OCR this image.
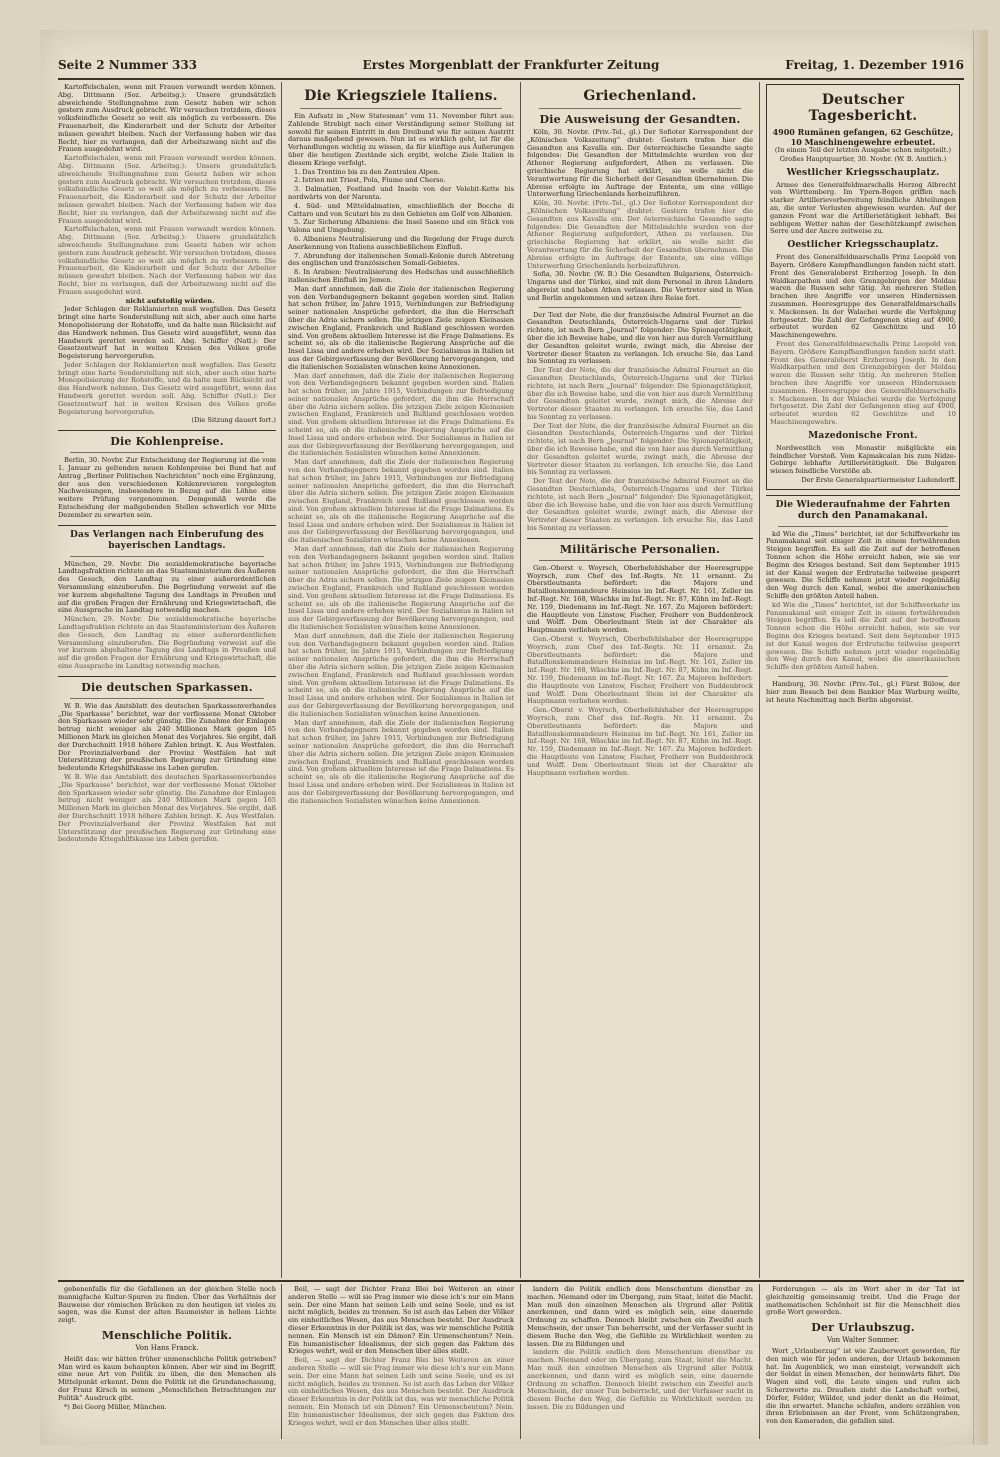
Seite 2 Nummer 333	Erstes Morgenblatt der Frankfurter Zeitung	Freitag, 1. Dezember 1916

Kartoffelschalen, wenn mit Frauen verwandt werden können. Abg. Dittmann (Soz. Arbeitsg.): Unsere grundsätzlich abweichende Stellungnahme zum Gesetz haben wir schon gestern zum Ausdruck gebracht. Wir versuchen trotzdem, dieses volksfeindliche Gesetz so weit als möglich zu verbessern. Die Frauenarbeit, die Kinderarbeit und der Schutz der Arbeiter müssen gewahrt bleiben. Nach der Verfassung haben wir das Recht, hier zu verlangen, daß der Arbeitszwang nicht auf die Frauen ausgedehnt wird.

Kartoffelschalen, wenn mit Frauen verwandt werden können. Abg. Dittmann (Soz. Arbeitsg.): Unsere grundsätzlich abweichende Stellungnahme zum Gesetz haben wir schon gestern zum Ausdruck gebracht. Wir versuchen trotzdem, dieses volksfeindliche Gesetz so weit als möglich zu verbessern. Die Frauenarbeit, die Kinderarbeit und der Schutz der Arbeiter müssen gewahrt bleiben. Nach der Verfassung haben wir das Recht, hier zu verlangen, daß der Arbeitszwang nicht auf die Frauen ausgedehnt wird.

Kartoffelschalen, wenn mit Frauen verwandt werden können. Abg. Dittmann (Soz. Arbeitsg.): Unsere grundsätzlich abweichende Stellungnahme zum Gesetz haben wir schon gestern zum Ausdruck gebracht. Wir versuchen trotzdem, dieses volksfeindliche Gesetz so weit als möglich zu verbessern. Die Frauenarbeit, die Kinderarbeit und der Schutz der Arbeiter müssen gewahrt bleiben. Nach der Verfassung haben wir das Recht, hier zu verlangen, daß der Arbeitszwang nicht auf die Frauen ausgedehnt wird.

nicht aufstoßig würden.

Jeder Schlagen der Reklamierten muß wegfallen. Das Gesetz bringt eine harte Sonderstellung mit sich, aber auch eine harte Monopolisierung der Rohstoffe, und da halte man Rücksicht auf das Handwerk nehmen. Das Gesetz wird ausgeführt, wenn das Handwerk gerettet werden soll. Abg. Schiffer (Natl.): Der Gesetzentwurf hat in weiten Kreisen des Volkes große Begeisterung hervorgerufen.

Jeder Schlagen der Reklamierten muß wegfallen. Das Gesetz bringt eine harte Sonderstellung mit sich, aber auch eine harte Monopolisierung der Rohstoffe, und da halte man Rücksicht auf das Handwerk nehmen. Das Gesetz wird ausgeführt, wenn das Handwerk gerettet werden soll. Abg. Schiffer (Natl.): Der Gesetzentwurf hat in weiten Kreisen des Volkes große Begeisterung hervorgerufen.

(Die Sitzung dauert fort.)

Die Kohlenpreise.

Berlin, 30. Novbr. Zur Entscheidung der Regierung ist die vom 1. Januar zu geltenden neuen Kohlenpreise bei Bund hat auf Antrag „Berliner Politischen Nachrichten“ noch eine Ergänzung, der aus den verschiedenen Kohlenrevieren vorgelegten Nachweisungen, insbesondere in Bezug auf die Löhne eine weitere Prüfung vorgenommen. Demgemäß werde die Entscheidung der maßgebenden Stellen schwerlich vor Mitte Dezember zu erwarten sein.

Das Verlangen nach Einberufung des bayerischen Landtags.

München, 29. Novbr. Die sozialdemokratische bayerische Landtagsfraktion richtete an das Staatsministerium des Äußeren des Gesuch, den Landtag zu einer außerordentlichen Versammlung einzuberufen. Die Begründung verweist auf die vor kurzem abgehaltene Tagung des Landtags in Preußen und auf die großen Fragen der Ernährung und Kriegswirtschaft, die eine Aussprache im Landtag notwendig machen.

München, 29. Novbr. Die sozialdemokratische bayerische Landtagsfraktion richtete an das Staatsministerium des Äußeren des Gesuch, den Landtag zu einer außerordentlichen Versammlung einzuberufen. Die Begründung verweist auf die vor kurzem abgehaltene Tagung des Landtags in Preußen und auf die großen Fragen der Ernährung und Kriegswirtschaft, die eine Aussprache im Landtag notwendig machen.

Die deutschen Sparkassen.

W. B. Wie das Amtsblatt des deutschen Sparkassenverbandes „Die Sparkasse“ berichtet, war der verflossene Monat Oktober den Sparkassen wieder sehr günstig. Die Zunahme der Einlagen betrug nicht weniger als 240 Millionen Mark gegen 165 Millionen Mark im gleichen Monat des Vorjahres. Sie ergibt, daß der Durchschnitt 1918 höhere Zahlen bringt. K. Aus Westfalen. Der Provinzialverband der Provinz Westfalen hat mit Unterstützung der preußischen Regierung zur Gründung eine bedeutende Kriegshilfskasse ins Leben gerufen.

W. B. Wie das Amtsblatt des deutschen Sparkassenverbandes „Die Sparkasse“ berichtet, war der verflossene Monat Oktober den Sparkassen wieder sehr günstig. Die Zunahme der Einlagen betrug nicht weniger als 240 Millionen Mark gegen 165 Millionen Mark im gleichen Monat des Vorjahres. Sie ergibt, daß der Durchschnitt 1918 höhere Zahlen bringt. K. Aus Westfalen. Der Provinzialverband der Provinz Westfalen hat mit Unterstützung der preußischen Regierung zur Gründung eine bedeutende Kriegshilfskasse ins Leben gerufen.

Die Kriegsziele Italiens.

Ein Aufsatz in „New Statesman“ vom 11. November führt aus: Zahlende Strebigt nach einer Verständigung seiner Stellung ist sowohl für seinen Eintritt in den Dreibund wie für seinen Austritt daraus maßgebend gewesen. Nun ist es wirklich geht, ist für die Verhandlungen wichtig zu wissen, da für künftige aus Äußerungen über die heutigen Zustände sich ergibt, welche Ziele Italien in diesem Kriege verfolgt.

1. Das Trentino bis zu den Zentralen Alpen.

2. Istrien mit Triest, Pola, Fiume und Cherso.

3. Dalmatien, Festland und Inseln von der Velebit-Kette bis nordwärts von der Narenta.

4. Süd- und Mitteldalmatien, einschließlich der Bocche di Cattaro und von Scutari bis zu den Gebieten am Golf von Albanien.

5. Zur Sicherung Albaniens: die Insel Saseno und ein Stück von Valona und Umgebung.

6. Albaniens Neutralisierung und die Regelung der Frage durch Anerkennung von Italiens ausschließlichem Einfluß.

7. Abrundung der italienischen Somali-Kolonie durch Abtretung des englischen und französischen Somali-Gebietes.

8. In Arabien: Neutralisierung des Hedschas und ausschließlich italienischen Einfluß im Jemen.

Man darf annehmen, daß die Ziele der italienischen Regierung von den Verbandsgegnern bekannt gegeben worden sind. Italien hat schon früher, im Jahre 1915, Verbindungen zur Befriedigung seiner nationalen Ansprüche gefordert, die ihm die Herrschaft über die Adria sichern sollen. Die jetzigen Ziele zeigen Kleinasien zwischen England, Frankreich und Rußland geschlossen worden sind. Von großem aktuellem Interesse ist die Frage Dalmatiens. Es scheint so, als ob die italienische Regierung Ansprüche auf die Insel Lissa und andere erheben wird. Der Sozialismus in Italien ist aus der Gebirgsverfassung der Bevölkerung hervorgegangen, und die italienischen Sozialisten wünschen keine Annexionen.

Man darf annehmen, daß die Ziele der italienischen Regierung von den Verbandsgegnern bekannt gegeben worden sind. Italien hat schon früher, im Jahre 1915, Verbindungen zur Befriedigung seiner nationalen Ansprüche gefordert, die ihm die Herrschaft über die Adria sichern sollen. Die jetzigen Ziele zeigen Kleinasien zwischen England, Frankreich und Rußland geschlossen worden sind. Von großem aktuellem Interesse ist die Frage Dalmatiens. Es scheint so, als ob die italienische Regierung Ansprüche auf die Insel Lissa und andere erheben wird. Der Sozialismus in Italien ist aus der Gebirgsverfassung der Bevölkerung hervorgegangen, und die italienischen Sozialisten wünschen keine Annexionen.

Man darf annehmen, daß die Ziele der italienischen Regierung von den Verbandsgegnern bekannt gegeben worden sind. Italien hat schon früher, im Jahre 1915, Verbindungen zur Befriedigung seiner nationalen Ansprüche gefordert, die ihm die Herrschaft über die Adria sichern sollen. Die jetzigen Ziele zeigen Kleinasien zwischen England, Frankreich und Rußland geschlossen worden sind. Von großem aktuellem Interesse ist die Frage Dalmatiens. Es scheint so, als ob die italienische Regierung Ansprüche auf die Insel Lissa und andere erheben wird. Der Sozialismus in Italien ist aus der Gebirgsverfassung der Bevölkerung hervorgegangen, und die italienischen Sozialisten wünschen keine Annexionen.

Man darf annehmen, daß die Ziele der italienischen Regierung von den Verbandsgegnern bekannt gegeben worden sind. Italien hat schon früher, im Jahre 1915, Verbindungen zur Befriedigung seiner nationalen Ansprüche gefordert, die ihm die Herrschaft über die Adria sichern sollen. Die jetzigen Ziele zeigen Kleinasien zwischen England, Frankreich und Rußland geschlossen worden sind. Von großem aktuellem Interesse ist die Frage Dalmatiens. Es scheint so, als ob die italienische Regierung Ansprüche auf die Insel Lissa und andere erheben wird. Der Sozialismus in Italien ist aus der Gebirgsverfassung der Bevölkerung hervorgegangen, und die italienischen Sozialisten wünschen keine Annexionen.

Man darf annehmen, daß die Ziele der italienischen Regierung von den Verbandsgegnern bekannt gegeben worden sind. Italien hat schon früher, im Jahre 1915, Verbindungen zur Befriedigung seiner nationalen Ansprüche gefordert, die ihm die Herrschaft über die Adria sichern sollen. Die jetzigen Ziele zeigen Kleinasien zwischen England, Frankreich und Rußland geschlossen worden sind. Von großem aktuellem Interesse ist die Frage Dalmatiens. Es scheint so, als ob die italienische Regierung Ansprüche auf die Insel Lissa und andere erheben wird. Der Sozialismus in Italien ist aus der Gebirgsverfassung der Bevölkerung hervorgegangen, und die italienischen Sozialisten wünschen keine Annexionen.

Man darf annehmen, daß die Ziele der italienischen Regierung von den Verbandsgegnern bekannt gegeben worden sind. Italien hat schon früher, im Jahre 1915, Verbindungen zur Befriedigung seiner nationalen Ansprüche gefordert, die ihm die Herrschaft über die Adria sichern sollen. Die jetzigen Ziele zeigen Kleinasien zwischen England, Frankreich und Rußland geschlossen worden sind. Von großem aktuellem Interesse ist die Frage Dalmatiens. Es scheint so, als ob die italienische Regierung Ansprüche auf die Insel Lissa und andere erheben wird. Der Sozialismus in Italien ist aus der Gebirgsverfassung der Bevölkerung hervorgegangen, und die italienischen Sozialisten wünschen keine Annexionen.

Griechenland.
Die Ausweisung der Gesandten.

Köln, 30. Novbr. (Priv.-Tel., gl.) Der Sofioter Korrespondent der „Kölnischen Volkszeitung“ drahtet: Gestern trafen hier die Gesandten aus Kavalla ein. Der österreichische Gesandte sagte folgendes: Die Gesandten der Mittelmächte wurden von der Athener Regierung aufgefordert, Athen zu verlassen. Die griechische Regierung hat erklärt, sie wolle nicht die Verantwortung für die Sicherheit der Gesandten übernehmen. Die Abreise erfolgte im Auftrage der Entente, um eine völlige Unterwerfung Griechenlands herbeizuführen.

Köln, 30. Novbr. (Priv.-Tel., gl.) Der Sofioter Korrespondent der „Kölnischen Volkszeitung“ drahtet: Gestern trafen hier die Gesandten aus Kavalla ein. Der österreichische Gesandte sagte folgendes: Die Gesandten der Mittelmächte wurden von der Athener Regierung aufgefordert, Athen zu verlassen. Die griechische Regierung hat erklärt, sie wolle nicht die Verantwortung für die Sicherheit der Gesandten übernehmen. Die Abreise erfolgte im Auftrage der Entente, um eine völlige Unterwerfung Griechenlands herbeizuführen.

Sofia, 30. Novbr. (W. B.) Die Gesandten Bulgariens, Österreich-Ungarns und der Türkei, sind mit dem Personal in ihren Ländern abgereist und haben Athen verlassen. Die Vertreter sind in Wien und Berlin angekommen und setzen ihre Reise fort.

Der Text der Note, die der französische Admiral Fournet an die Gesandten Deutschlands, Österreich-Ungarns und der Türkei richtete, ist nach Bern „Journal“ folgender: Die Spionagetätigkeit, über die ich Beweise habe, und die von hier aus durch Vermittlung der Gesandten geleitet wurde, zwingt mich, die Abreise der Vertreter dieser Staaten zu verlangen. Ich ersuche Sie, das Land bis Sonntag zu verlassen.

Der Text der Note, die der französische Admiral Fournet an die Gesandten Deutschlands, Österreich-Ungarns und der Türkei richtete, ist nach Bern „Journal“ folgender: Die Spionagetätigkeit, über die ich Beweise habe, und die von hier aus durch Vermittlung der Gesandten geleitet wurde, zwingt mich, die Abreise der Vertreter dieser Staaten zu verlangen. Ich ersuche Sie, das Land bis Sonntag zu verlassen.

Der Text der Note, die der französische Admiral Fournet an die Gesandten Deutschlands, Österreich-Ungarns und der Türkei richtete, ist nach Bern „Journal“ folgender: Die Spionagetätigkeit, über die ich Beweise habe, und die von hier aus durch Vermittlung der Gesandten geleitet wurde, zwingt mich, die Abreise der Vertreter dieser Staaten zu verlangen. Ich ersuche Sie, das Land bis Sonntag zu verlassen.

Der Text der Note, die der französische Admiral Fournet an die Gesandten Deutschlands, Österreich-Ungarns und der Türkei richtete, ist nach Bern „Journal“ folgender: Die Spionagetätigkeit, über die ich Beweise habe, und die von hier aus durch Vermittlung der Gesandten geleitet wurde, zwingt mich, die Abreise der Vertreter dieser Staaten zu verlangen. Ich ersuche Sie, das Land bis Sonntag zu verlassen.

Militärische Personalien.

Gen.-Oberst v. Woyrsch, Oberbefehlshaber der Heeresgruppe Woyrsch, zum Chef des Inf.-Regts. Nr. 11 ernannt. Zu Oberstleutnants befördert: die Majore und Bataillonskommandeure Heinsius im Inf.-Regt. Nr. 161, Zeller im Inf.-Regt. Nr. 168, Wäschke im Inf.-Regt. Nr. 87, Kühn im Inf.-Regt. Nr. 159, Diedemann im Inf.-Regt. Nr. 167. Zu Majoren befördert: die Hauptleute von Linstow, Fischer, Freiherr von Buddenbrock und Wolff. Dem Oberleutnant Stein ist der Charakter als Hauptmann verliehen worden.

Gen.-Oberst v. Woyrsch, Oberbefehlshaber der Heeresgruppe Woyrsch, zum Chef des Inf.-Regts. Nr. 11 ernannt. Zu Oberstleutnants befördert: die Majore und Bataillonskommandeure Heinsius im Inf.-Regt. Nr. 161, Zeller im Inf.-Regt. Nr. 168, Wäschke im Inf.-Regt. Nr. 87, Kühn im Inf.-Regt. Nr. 159, Diedemann im Inf.-Regt. Nr. 167. Zu Majoren befördert: die Hauptleute von Linstow, Fischer, Freiherr von Buddenbrock und Wolff. Dem Oberleutnant Stein ist der Charakter als Hauptmann verliehen worden.

Gen.-Oberst v. Woyrsch, Oberbefehlshaber der Heeresgruppe Woyrsch, zum Chef des Inf.-Regts. Nr. 11 ernannt. Zu Oberstleutnants befördert: die Majore und Bataillonskommandeure Heinsius im Inf.-Regt. Nr. 161, Zeller im Inf.-Regt. Nr. 168, Wäschke im Inf.-Regt. Nr. 87, Kühn im Inf.-Regt. Nr. 159, Diedemann im Inf.-Regt. Nr. 167. Zu Majoren befördert: die Hauptleute von Linstow, Fischer, Freiherr von Buddenbrock und Wolff. Dem Oberleutnant Stein ist der Charakter als Hauptmann verliehen worden.

Deutscher Tagesbericht.
4900 Rumänen gefangen, 62 Geschütze, 10 Maschinengewehre erbeutet.

(In einem Teil der letzten Ausgabe schon mitgeteilt.)

Großes Hauptquartier, 30. Novbr. (W. B. Amtlich.)

Westlicher Kriegsschauplatz.

Armee des Generalfeldmarschalls Herzog Albrecht von Württemberg. Im Ypern-Bogen griffen nach starker Artillerievorbereitung feindliche Abteilungen an, die unter Verlusten abgewiesen wurden. Auf der ganzen Front war die Artillerietätigkeit lebhaft. Bei nebligem Wetter nahm der Geschützkampf zwischen Serre und der Ancre zeitweise zu.

Oestlicher Kriegsschauplatz.

Front des Generalfeldmarschalls Prinz Leopold von Bayern. Größere Kampfhandlungen fanden nicht statt. Front des Generaloberst Erzherzog Joseph. In den Waldkarpathen und den Grenzgebirgen der Moldau waren die Russen sehr tätig. An mehreren Stellen brachen ihre Angriffe vor unseren Hindernissen zusammen. Heeresgruppe des Generalfeldmarschalls v. Mackensen. In der Walachei wurde die Verfolgung fortgesetzt. Die Zahl der Gefangenen stieg auf 4900, erbeutet wurden 62 Geschütze und 10 Maschinengewehre.

Front des Generalfeldmarschalls Prinz Leopold von Bayern. Größere Kampfhandlungen fanden nicht statt. Front des Generaloberst Erzherzog Joseph. In den Waldkarpathen und den Grenzgebirgen der Moldau waren die Russen sehr tätig. An mehreren Stellen brachen ihre Angriffe vor unseren Hindernissen zusammen. Heeresgruppe des Generalfeldmarschalls v. Mackensen. In der Walachei wurde die Verfolgung fortgesetzt. Die Zahl der Gefangenen stieg auf 4900, erbeutet wurden 62 Geschütze und 10 Maschinengewehre.

Mazedonische Front.

Nordwestlich von Monastir mißglückte ein feindlicher Vorstoß. Vom Kajmakcalan bis zum Nidze-Gebirge lebhafte Artillerietätigkeit. Die Bulgaren wiesen feindliche Vorstöße ab.

Der Erste Generalquartiermeister Ludendorff.

Die Wiederaufnahme der Fahrten durch den Panamakanal.

kd Wie die „Times“ berichtet, ist der Schiffsverkehr im Panamakanal seit einiger Zeit in einem fortwährenden Steigen begriffen. Es soll die Zeit auf der betroffenen Tonnen schon die Höhe erreicht haben, wie sie vor Beginn des Krieges bestand. Seit dem September 1915 ist der Kanal wegen der Erdrutsche teilweise gesperrt gewesen. Die Schiffe nehmen jetzt wieder regelmäßig den Weg durch den Kanal, wobei die amerikanischen Schiffe den größten Anteil haben.

kd Wie die „Times“ berichtet, ist der Schiffsverkehr im Panamakanal seit einiger Zeit in einem fortwährenden Steigen begriffen. Es soll die Zeit auf der betroffenen Tonnen schon die Höhe erreicht haben, wie sie vor Beginn des Krieges bestand. Seit dem September 1915 ist der Kanal wegen der Erdrutsche teilweise gesperrt gewesen. Die Schiffe nehmen jetzt wieder regelmäßig den Weg durch den Kanal, wobei die amerikanischen Schiffe den größten Anteil haben.

Hamburg, 30. Novbr. (Priv.-Tel., gl.) Fürst Bülow, der hier zum Besuch bei dem Bankier Max Warburg weilte, ist heute Nachmittag nach Berlin abgereist.

gebenenfalls für die Gefallenen an der gleichen Stelle noch mannigfache Kultur-Spuren zu finden. Über das Verhältnis der Bauweise der römischen Brücken zu den heutigen ist vieles zu sagen, was die Kunst der alten Baumeister in hellem Lichte zeigt.

Menschliche Politik.
Von Hans Franck.

Heißt das: wir hätten früher unmenschliche Politik getrieben? Man wird es kaum behaupten können. Aber wir sind im Begriff, eine neue Art von Politik zu üben, die den Menschen als Mittelpunkt erkennt. Denn die Politik ist die Grundanschauung, der Franz Kirsch in seinem „Menschlichen Betrachtungen zur Politik“ Ausdruck gibt.

*) Bei Georg Müller, München.

Beil, — sagt der Dichter Franz Blei bei Weiteren an einer anderen Stelle — will sie Prag immer wie diese ich's nur ein Mann sein. Der eine Mann hat seinen Leib und seine Seele, und es ist nicht möglich, beides zu trennen. So ist auch das Leben der Völker ein einheitliches Wesen, das aus Menschen besteht. Der Ausdruck dieser Erkenntnis in der Politik ist das, was wir menschliche Politik nennen. Ein Mensch ist ein Dämon? Ein Urmenschentum? Nein. Ein humanistischer Idealismus, der sich gegen das Faktum des Krieges wehrt, weil er den Menschen über alles stellt.

Beil, — sagt der Dichter Franz Blei bei Weiteren an einer anderen Stelle — will sie Prag immer wie diese ich's nur ein Mann sein. Der eine Mann hat seinen Leib und seine Seele, und es ist nicht möglich, beides zu trennen. So ist auch das Leben der Völker ein einheitliches Wesen, das aus Menschen besteht. Der Ausdruck dieser Erkenntnis in der Politik ist das, was wir menschliche Politik nennen. Ein Mensch ist ein Dämon? Ein Urmenschentum? Nein. Ein humanistischer Idealismus, der sich gegen das Faktum des Krieges wehrt, weil er den Menschen über alles stellt.

landern die Politik endlich dem Menschentum dienstbar zu machen. Niemand oder im Übergang, zum Staat, leitet die Macht. Man muß den einzelnen Menschen als Urgrund aller Politik anerkennen, und dann wird es möglich sein, eine dauernde Ordnung zu schaffen. Dennoch bleibt zwischen ein Zweifel auch Menschsein, der unser Tun beherrscht, und der Verfasser sucht in diesem Buche den Weg, die Gefühle zu Wirklichkeit werden zu lassen. Die zu Bildungen und

landern die Politik endlich dem Menschentum dienstbar zu machen. Niemand oder im Übergang, zum Staat, leitet die Macht. Man muß den einzelnen Menschen als Urgrund aller Politik anerkennen, und dann wird es möglich sein, eine dauernde Ordnung zu schaffen. Dennoch bleibt zwischen ein Zweifel auch Menschsein, der unser Tun beherrscht, und der Verfasser sucht in diesem Buche den Weg, die Gefühle zu Wirklichkeit werden zu lassen. Die zu Bildungen und

Forderungen — als im Wort aber in der Tat ist gleichzeitig gemeinsamig treibt. Und die Frage der mathematischen Schönheit ist für die Menschheit dies große Wort geworden.

Der Urlaubszug.
Von Walter Sommer.

Wort „Urlauberzug“ ist wie Zauberwort geworden, für den mich wie für jeden anderen, der Urlaub bekommen hat. Im Augenblick, wo man einsteigt, verwandelt sich der Soldat in einen Menschen, der heimwärts fährt. Die Wagen sind voll, die Leute singen und rufen sich Scherzworte zu. Draußen zieht die Landschaft vorbei, Dörfer, Felder, Wälder, und jeder denkt an die Heimat, die ihn erwartet. Manche schlafen, andere erzählen von ihren Erlebnissen an der Front, vom Schützengraben, von den Kameraden, die gefallen sind.
